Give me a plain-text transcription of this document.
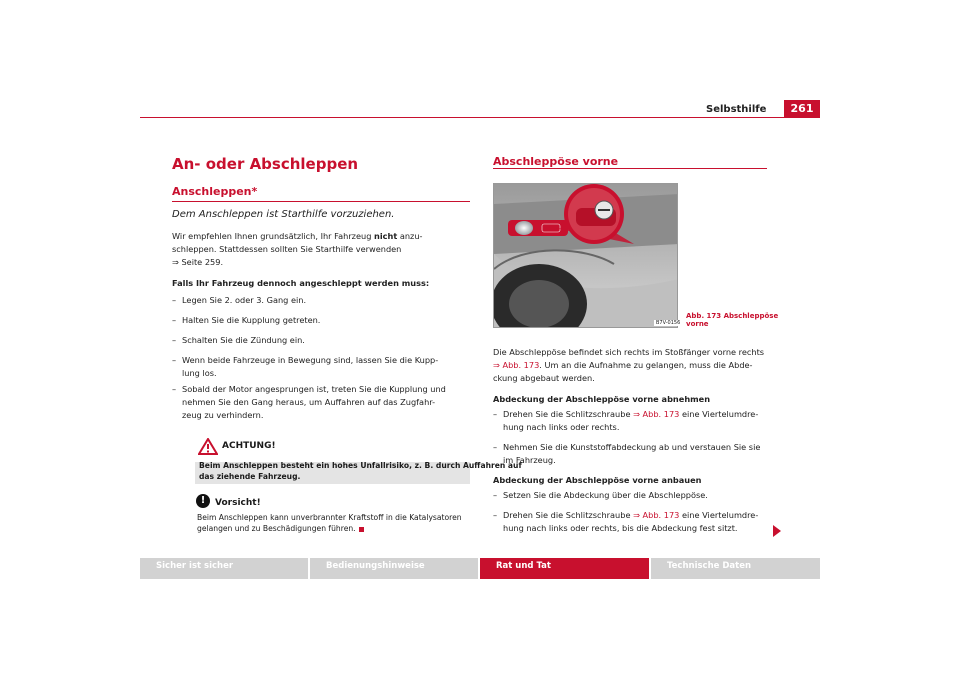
Selbsthilfe	261
An- oder Abschleppen
Anschleppen*
Dem Anschleppen ist Starthilfe vorzuziehen.
Wir empfehlen Ihnen grundsätzlich, Ihr Fahrzeug nicht anzu-
schleppen. Stattdessen sollten Sie Starthilfe verwenden
⇒ Seite 259.
Falls Ihr Fahrzeug dennoch angeschleppt werden muss:
– Legen Sie 2. oder 3. Gang ein.
– Halten Sie die Kupplung getreten.
– Schalten Sie die Zündung ein.
– Wenn beide Fahrzeuge in Bewegung sind, lassen Sie die Kupp-
lung los.
– Sobald der Motor angesprungen ist, treten Sie die Kupplung und
nehmen Sie den Gang heraus, um Auffahren auf das Zugfahr-
zeug zu verhindern.
ACHTUNG!
Beim Anschleppen besteht ein hohes Unfallrisiko, z. B. durch Auffahren auf
das ziehende Fahrzeug.
!	Vorsicht!
Beim Anschleppen kann unverbrannter Kraftstoff in die Katalysatoren
gelangen und zu Beschädigungen führen.
Abschleppöse vorne
B7V-0156
Abb. 173 Abschleppöse
vorne
Die Abschleppöse befindet sich rechts im Stoßfänger vorne rechts
⇒ Abb. 173. Um an die Aufnahme zu gelangen, muss die Abde-
ckung abgebaut werden.
Abdeckung der Abschleppöse vorne abnehmen
– Drehen Sie die Schlitzschraube ⇒ Abb. 173 eine Viertelumdre-
hung nach links oder rechts.
– Nehmen Sie die Kunststoffabdeckung ab und verstauen Sie sie
im Fahrzeug.
Abdeckung der Abschleppöse vorne anbauen
– Setzen Sie die Abdeckung über die Abschleppöse.
– Drehen Sie die Schlitzschraube ⇒ Abb. 173 eine Viertelumdre-
hung nach links oder rechts, bis die Abdeckung fest sitzt.
Sicher ist sicher	Bedienungshinweise	Rat und Tat	Technische Daten
